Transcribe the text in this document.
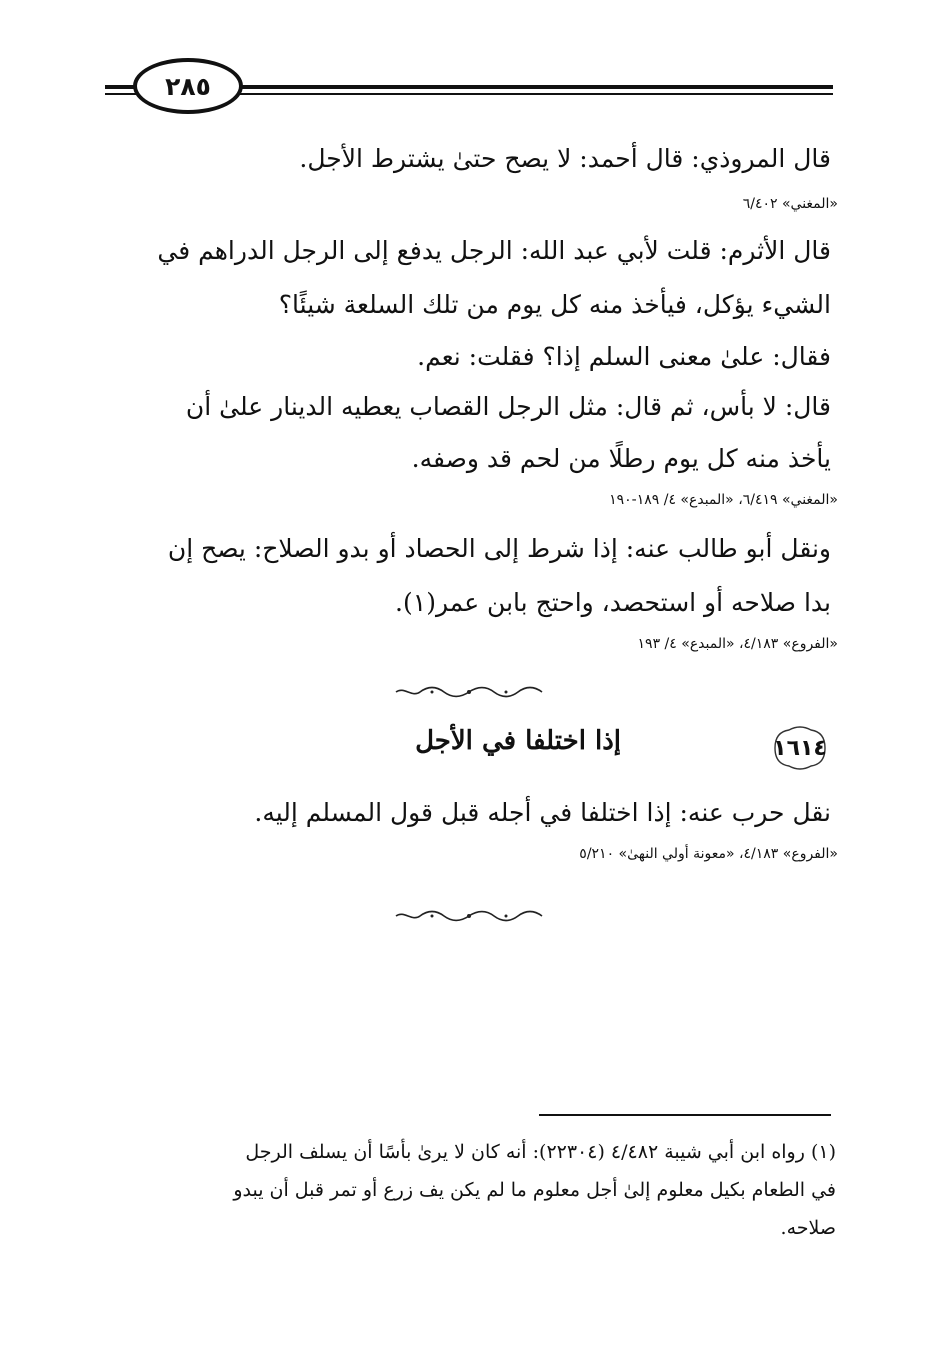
٢٨٥

قال المروذي: قال أحمد: لا يصح حتىٰ يشترط الأجل.

«المغني» ٦/٤٠٢

قال الأثرم: قلت لأبي عبد الله: الرجل يدفع إلى الرجل الدراهم في

الشيء يؤكل، فيأخذ منه كل يوم من تلك السلعة شيئًا؟

فقال: علىٰ معنى السلم إذا؟ فقلت: نعم.

قال: لا بأس، ثم قال: مثل الرجل القصاب يعطيه الدينار علىٰ أن

يأخذ منه كل يوم رطلًا من لحم قد وصفه.

«المغني» ٦/٤١٩، «المبدع» ٤/ ١٨٩-١٩٠

ونقل أبو طالب عنه: إذا شرط إلى الحصاد أو بدو الصلاح: يصح إن

بدا صلاحه أو استحصد، واحتج بابن عمر(١).

«الفروع» ٤/١٨٣، «المبدع» ٤/ ١٩٣

١٦١٤
إذا اختلفا في الأجل

نقل حرب عنه: إذا اختلفا في أجله قبل قول المسلم إليه.

«الفروع» ٤/١٨٣، «معونة أولي النهىٰ» ٥/٢١٠

(١) رواه ابن أبي شيبة ٤/٤٨٢ (٢٢٣٠٤): أنه كان لا يرىٰ بأسًا أن يسلف الرجل

في الطعام بكيل معلوم إلىٰ أجل معلوم ما لم يكن يف زرع أو تمر قبل أن يبدو

صلاحه.
